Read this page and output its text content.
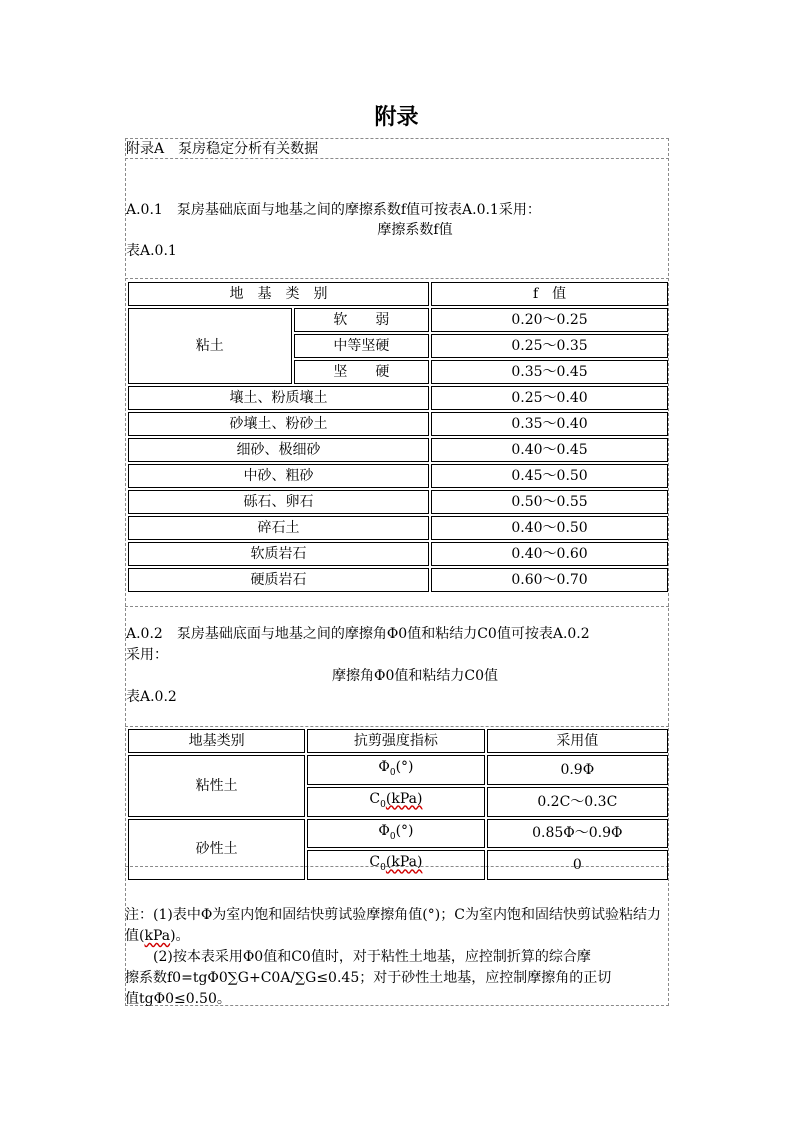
附录
附录A　泵房稳定分析有关数据
A.0.1　泵房基础底面与地基之间的摩擦系数f值可按表A.0.1采用：
摩擦系数f值
表A.0.1
地　基　类　别		f　值
粘土	软　　弱	0.20～0.25
	中等坚硬	0.25～0.35
	坚　　硬	0.35～0.45
壤土、粉质壤土		0.25～0.40
砂壤土、粉砂土		0.35～0.40
细砂、极细砂		0.40～0.45
中砂、粗砂		0.45～0.50
砾石、卵石		0.50～0.55
碎石土		0.40～0.50
软质岩石		0.40～0.60
硬质岩石		0.60～0.70
A.0.2　泵房基础底面与地基之间的摩擦角Φ0值和粘结力C0值可按表A.0.2
采用：
摩擦角Φ0值和粘结力C0值
表A.0.2
地基类别	抗剪强度指标	采用值
粘性土	$\Phi_0(^\circ)$	0.9Φ
	$C_0(kPa)$	0.2C～0.3C
砂性土	$\Phi_0(^\circ)$	0.85Φ～0.9Φ
	$C_0(kPa)$	0

注：(1)表中Φ为室内饱和固结快剪试验摩擦角值(°)；C为室内饱和固结快剪试验粘结力值(kPa)。

　　(2)按本表采用Φ0值和C0值时，对于粘性土地基，应控制折算的综合摩

擦系数f0=tgΦ0∑G+C0A/∑G≤0.45；对于砂性土地基，应控制摩擦角的正切

值tgΦ0≤0.50。
